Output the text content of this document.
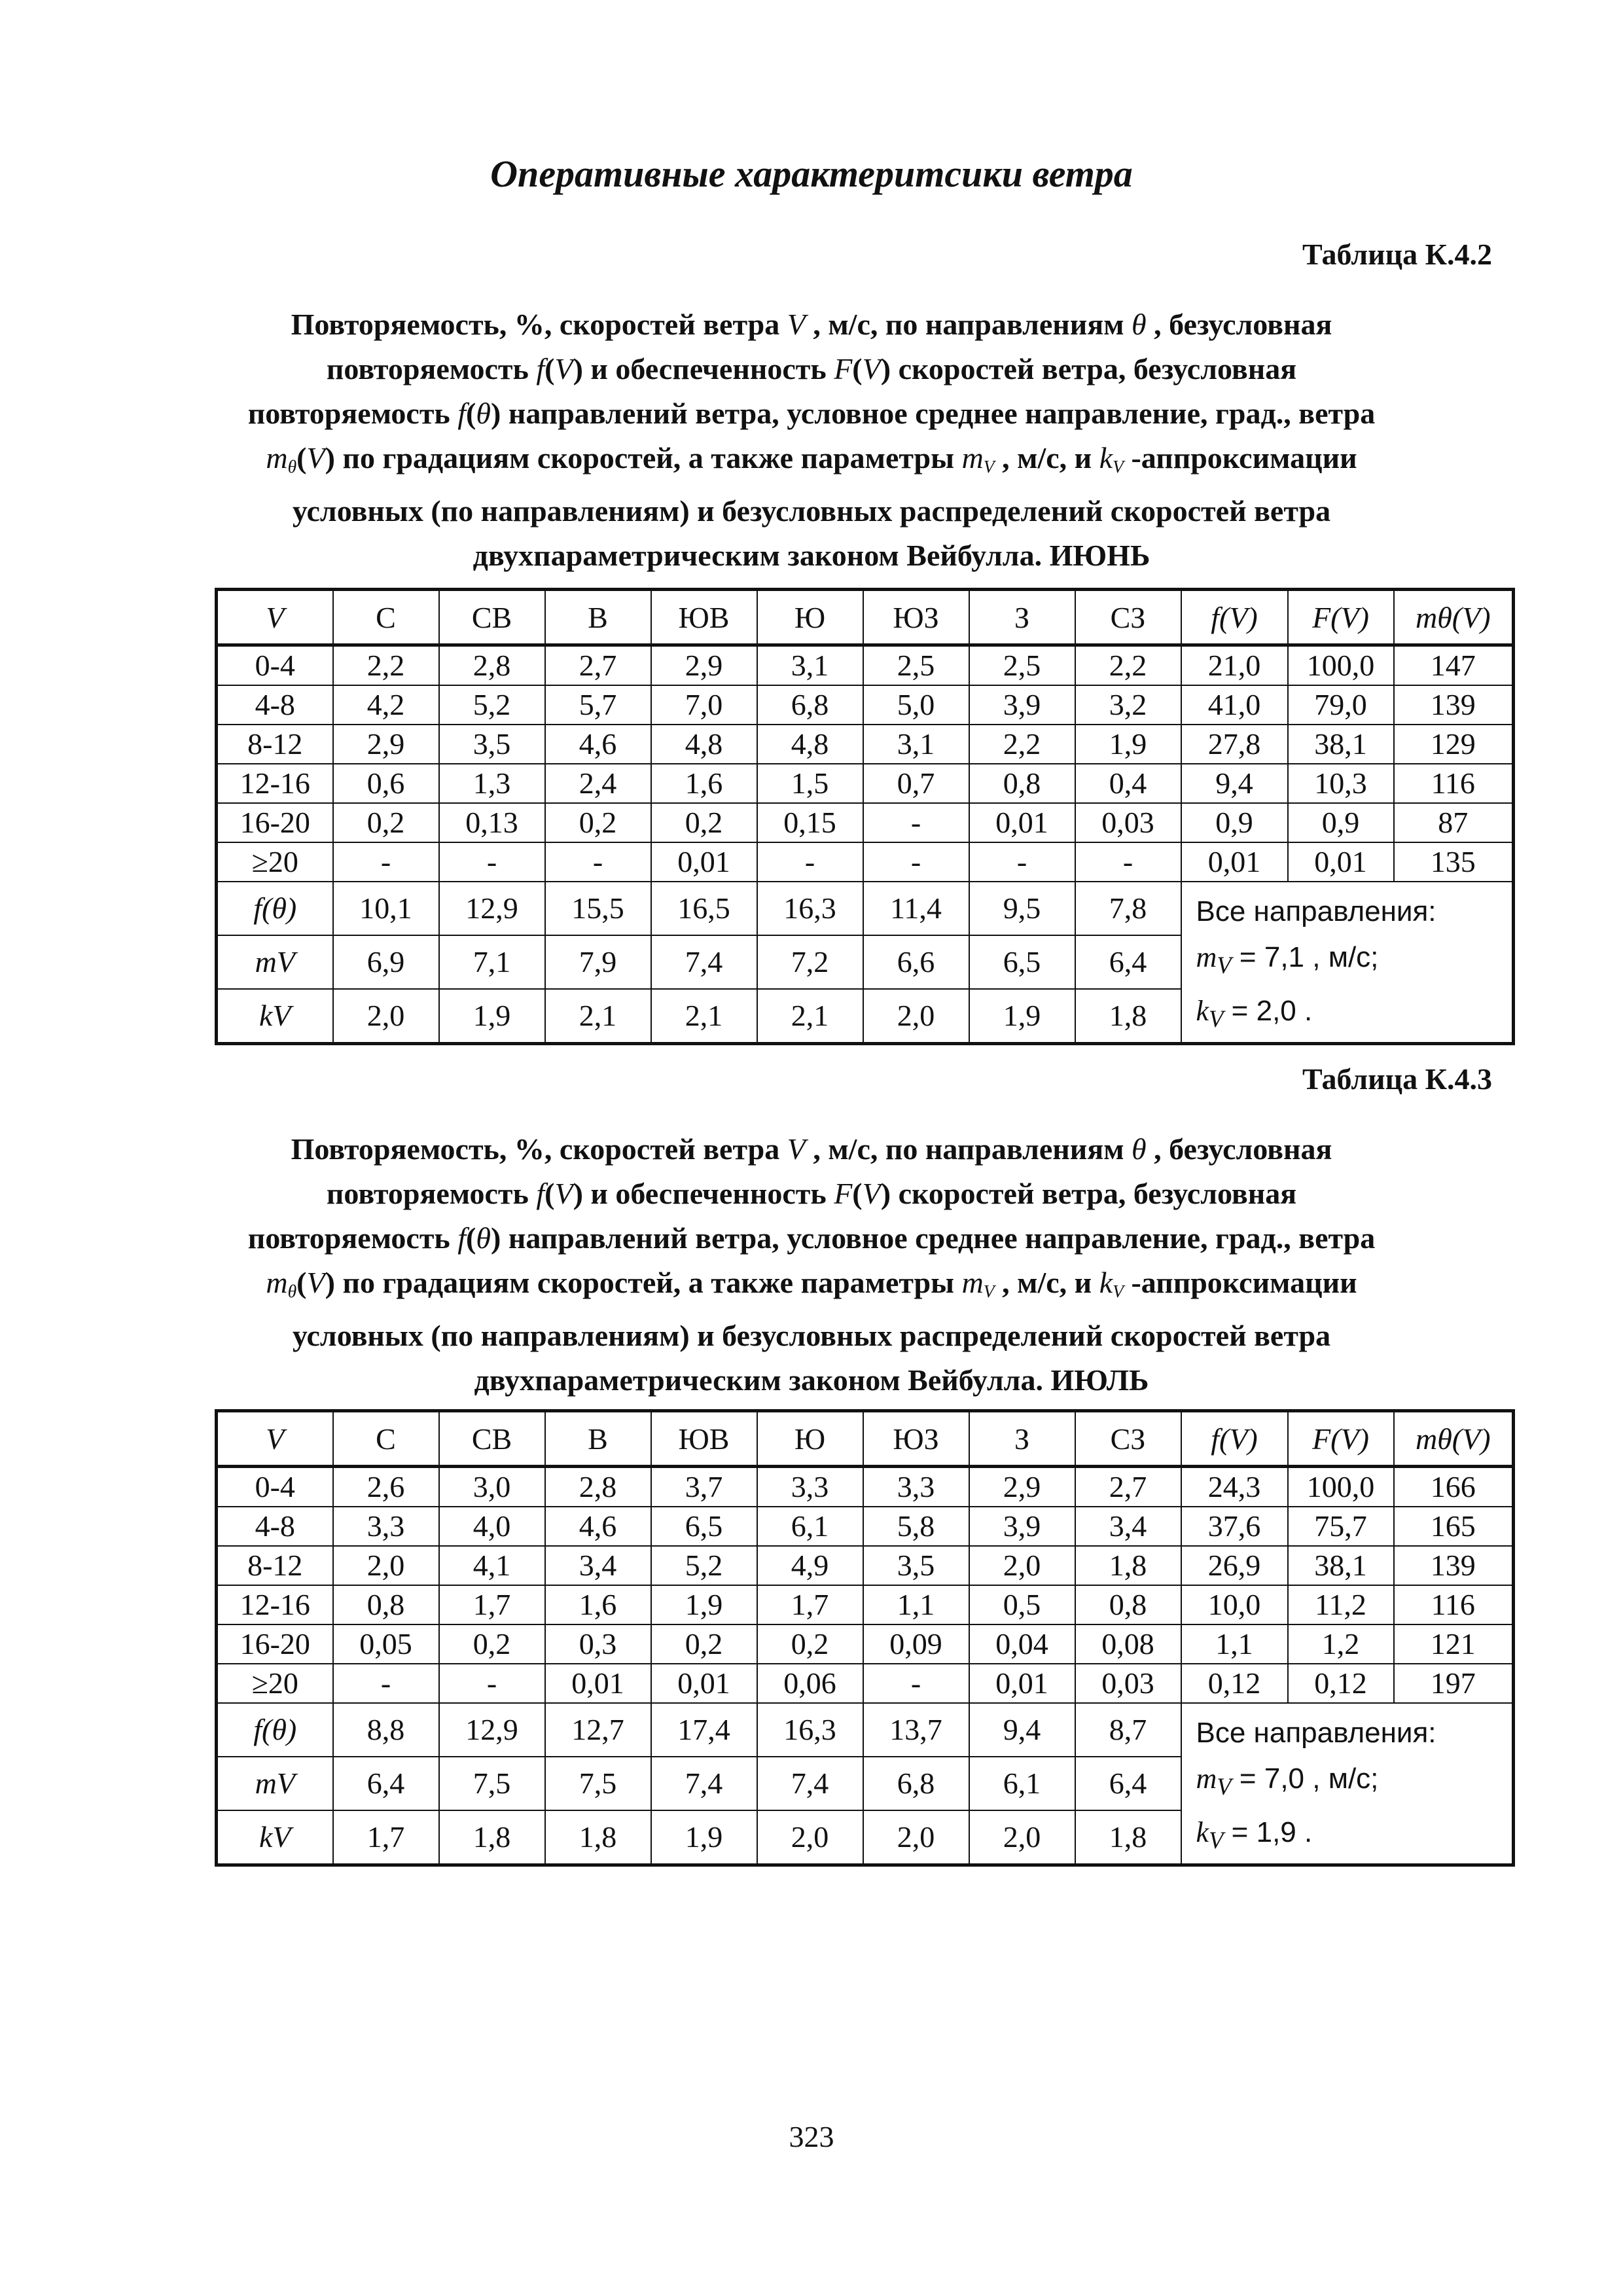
Оперативные характеритсики ветра
Таблица К.4.2
Повторяемость, %, скоростей ветра V , м/с, по направлениям θ , безусловная
повторяемость f(V) и обеспеченность F(V) скоростей ветра, безусловная
повторяемость f(θ) направлений ветра, условное среднее направление, град., ветра
$m_\theta(V)$ по градациям скоростей, а также параметры $m_V$ , м/с, и $k_V$ -аппроксимации
условных (по направлениям) и безусловных распределений скоростей ветра
двухпараметрическим законом Вейбулла. ИЮНЬ
V	С	СВ	В	ЮВ	Ю	ЮЗ	З	СЗ	f(V)	F(V)	mθ(V)
0-4	2,2	2,8	2,7	2,9	3,1	2,5	2,5	2,2	21,0	100,0	147
4-8	4,2	5,2	5,7	7,0	6,8	5,0	3,9	3,2	41,0	79,0	139
8-12	2,9	3,5	4,6	4,8	4,8	3,1	2,2	1,9	27,8	38,1	129
12-16	0,6	1,3	2,4	1,6	1,5	0,7	0,8	0,4	9,4	10,3	116
16-20	0,2	0,13	0,2	0,2	0,15	-	0,01	0,03	0,9	0,9	87
≥20	-	-	-	0,01	-	-	-	-	0,01	0,01	135
f(θ)	10,1	12,9	15,5	16,5	16,3	11,4	9,5	7,8	Все направления:
$m_V = 7,1$ , м/с;
$k_V = 2,0$ .		

mV	6,9	7,1	7,9	7,4	7,2	6,6	6,5	6,4			
kV	2,0	1,9	2,1	2,1	2,1	2,0	1,9	1,8			
Таблица К.4.3
Повторяемость, %, скоростей ветра V , м/с, по направлениям θ , безусловная
повторяемость f(V) и обеспеченность F(V) скоростей ветра, безусловная
повторяемость f(θ) направлений ветра, условное среднее направление, град., ветра
$m_\theta(V)$ по градациям скоростей, а также параметры $m_V$ , м/с, и $k_V$ -аппроксимации
условных (по направлениям) и безусловных распределений скоростей ветра
двухпараметрическим законом Вейбулла. ИЮЛЬ
V	С	СВ	В	ЮВ	Ю	ЮЗ	З	СЗ	f(V)	F(V)	mθ(V)
0-4	2,6	3,0	2,8	3,7	3,3	3,3	2,9	2,7	24,3	100,0	166
4-8	3,3	4,0	4,6	6,5	6,1	5,8	3,9	3,4	37,6	75,7	165
8-12	2,0	4,1	3,4	5,2	4,9	3,5	2,0	1,8	26,9	38,1	139
12-16	0,8	1,7	1,6	1,9	1,7	1,1	0,5	0,8	10,0	11,2	116
16-20	0,05	0,2	0,3	0,2	0,2	0,09	0,04	0,08	1,1	1,2	121
≥20	-	-	0,01	0,01	0,06	-	0,01	0,03	0,12	0,12	197
f(θ)	8,8	12,9	12,7	17,4	16,3	13,7	9,4	8,7	Все направления:
$m_V = 7,0$ , м/с;
$k_V = 1,9$ .		

mV	6,4	7,5	7,5	7,4	7,4	6,8	6,1	6,4			
kV	1,7	1,8	1,8	1,9	2,0	2,0	2,0	1,8			
323
